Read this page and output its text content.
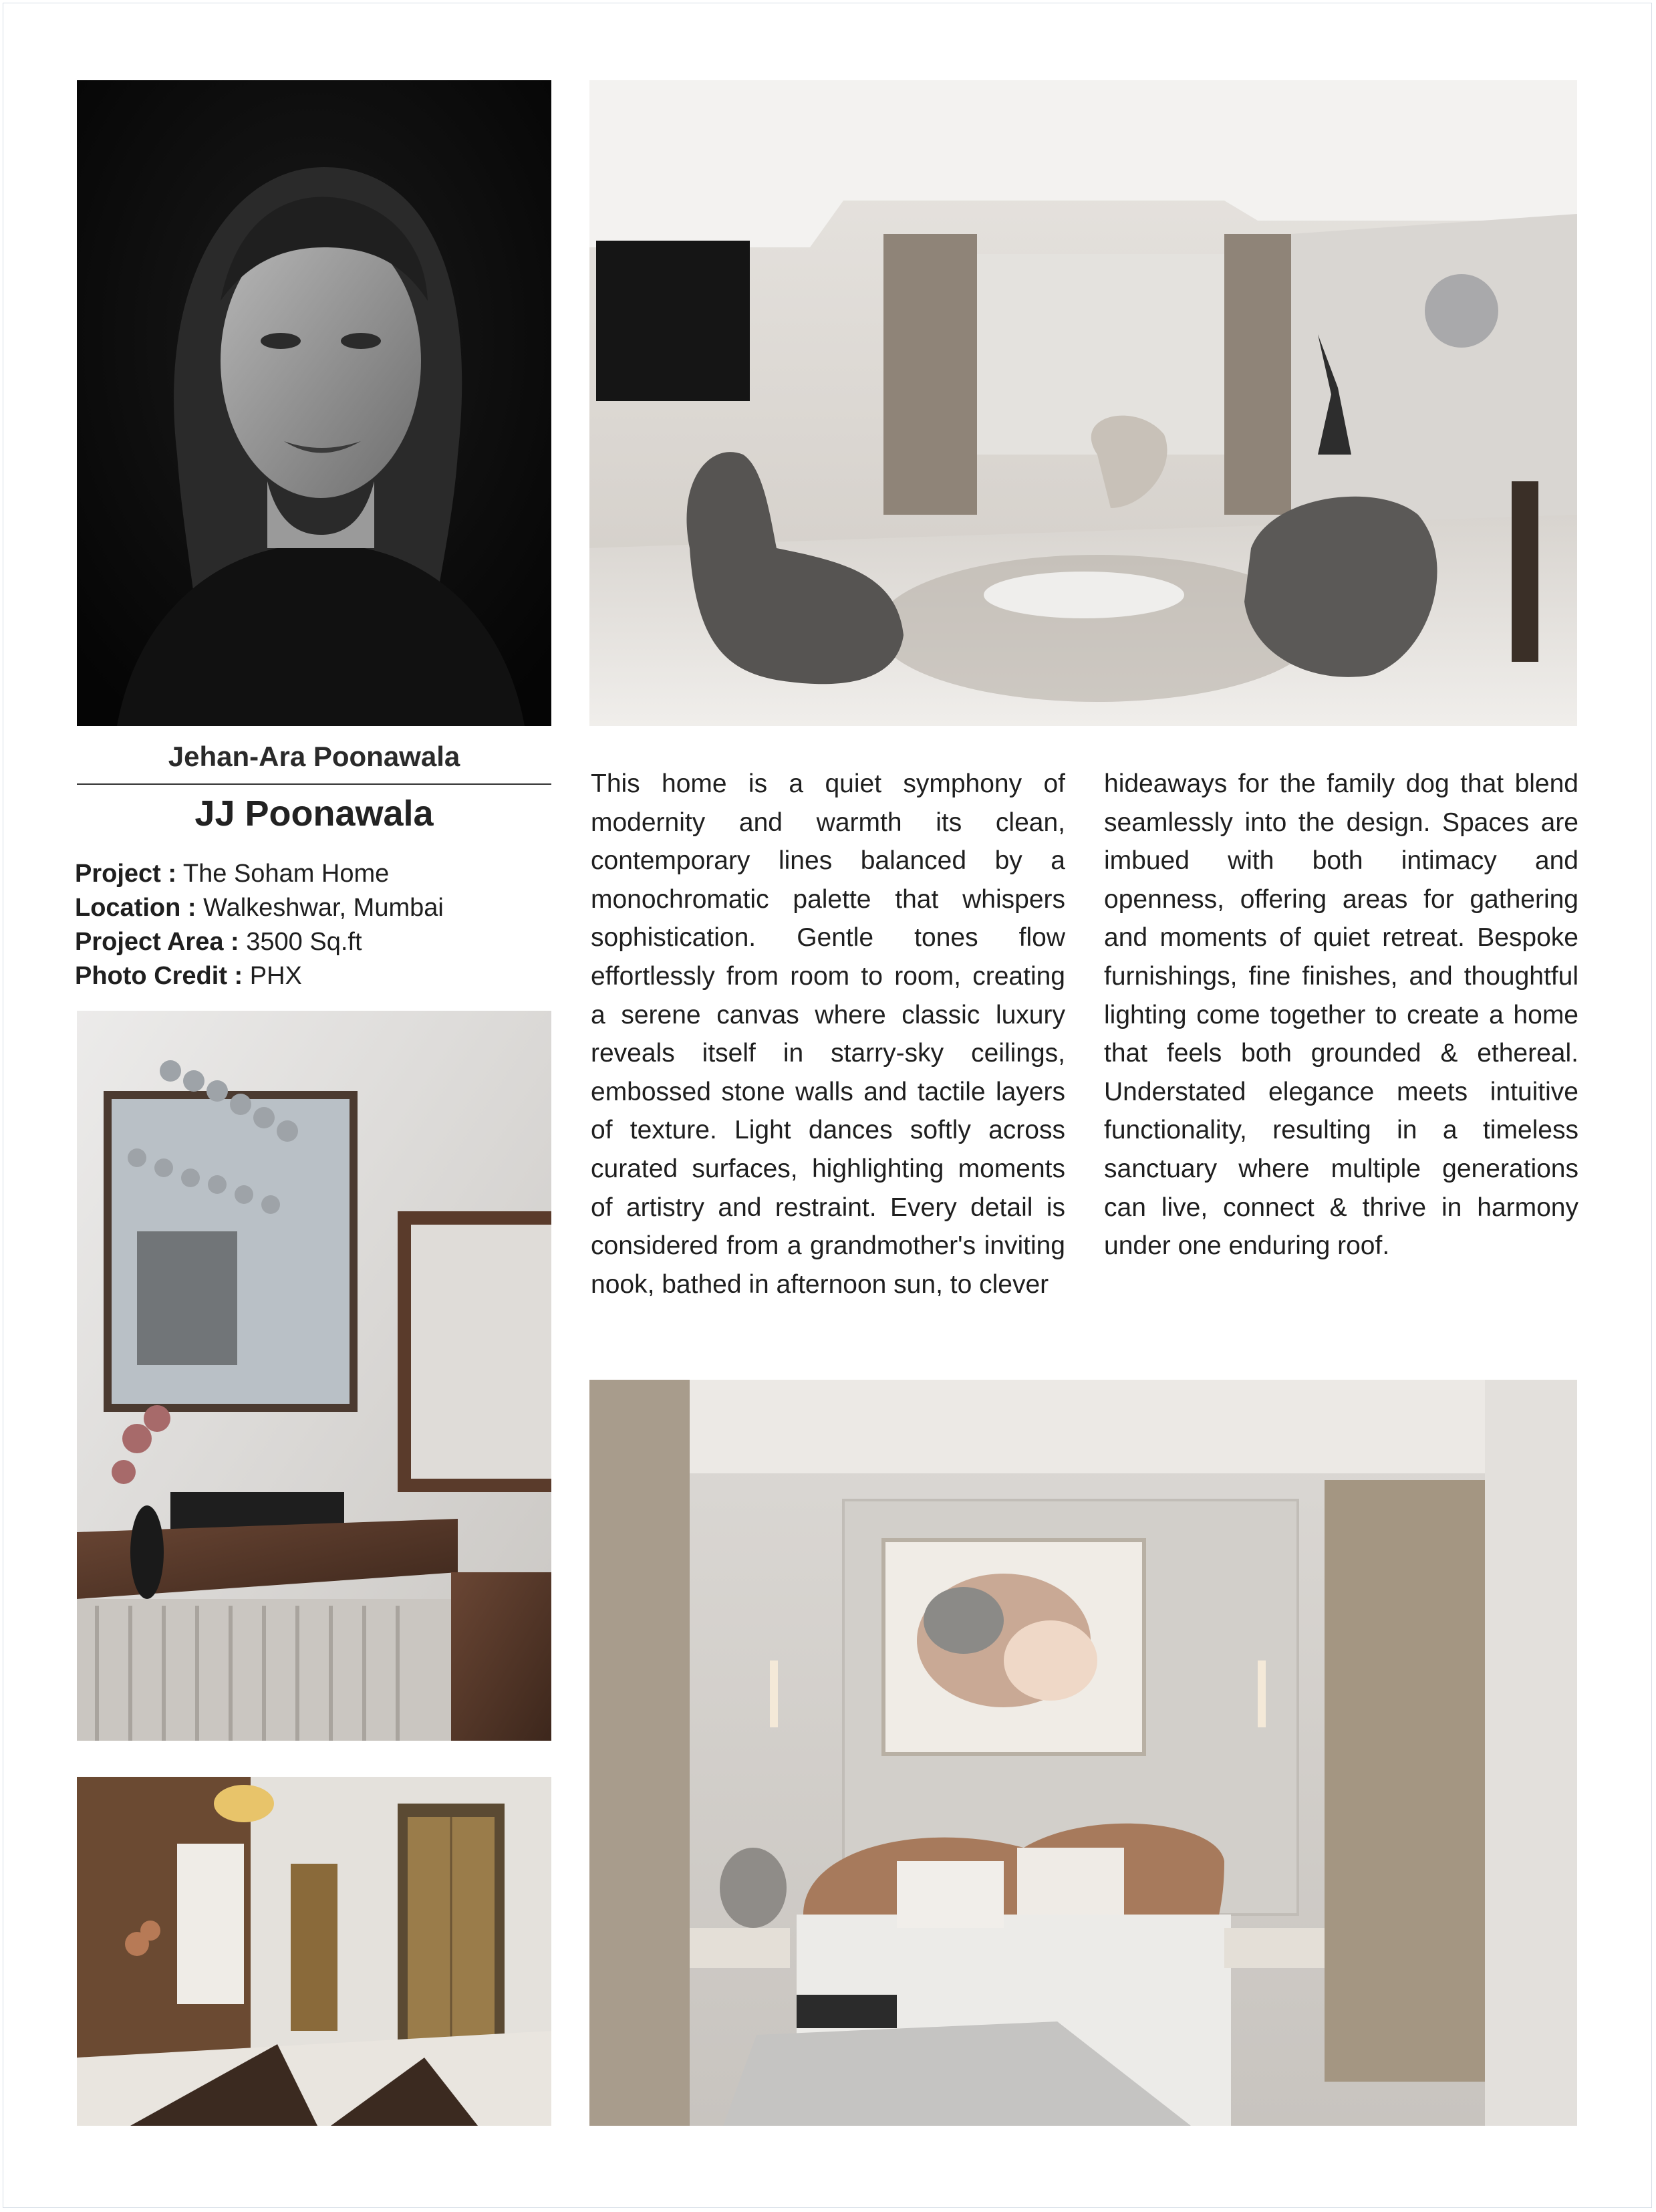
Jehan-Ara Poonawala
JJ Poonawala
Project : The Soham Home
Location : Walkeshwar, Mumbai
Project Area : 3500 Sq.ft
Photo Credit : PHX
This home is a quiet symphony of modernity and warmth its clean, contemporary lines balanced by a monochromatic palette that whispers sophistication. Gentle tones flow effortlessly from room to room, creating a serene canvas where classic luxury reveals itself in starry-sky ceilings, embossed stone walls and tactile layers of texture. Light dances softly across curated surfaces, highlighting moments of artistry and restraint. Every detail is considered from a grandmother's inviting nook, bathed in afternoon sun, to clever
hideaways for the family dog that blend seamlessly into the design. Spaces are imbued with both intimacy and openness, offering areas for gathering and moments of quiet retreat. Bespoke furnishings, fine finishes, and thoughtful lighting come together to create a home that feels both grounded & ethereal. Understated elegance meets intuitive functionality, resulting in a timeless sanctuary where multiple generations can live, connect & thrive in harmony under one enduring roof.
